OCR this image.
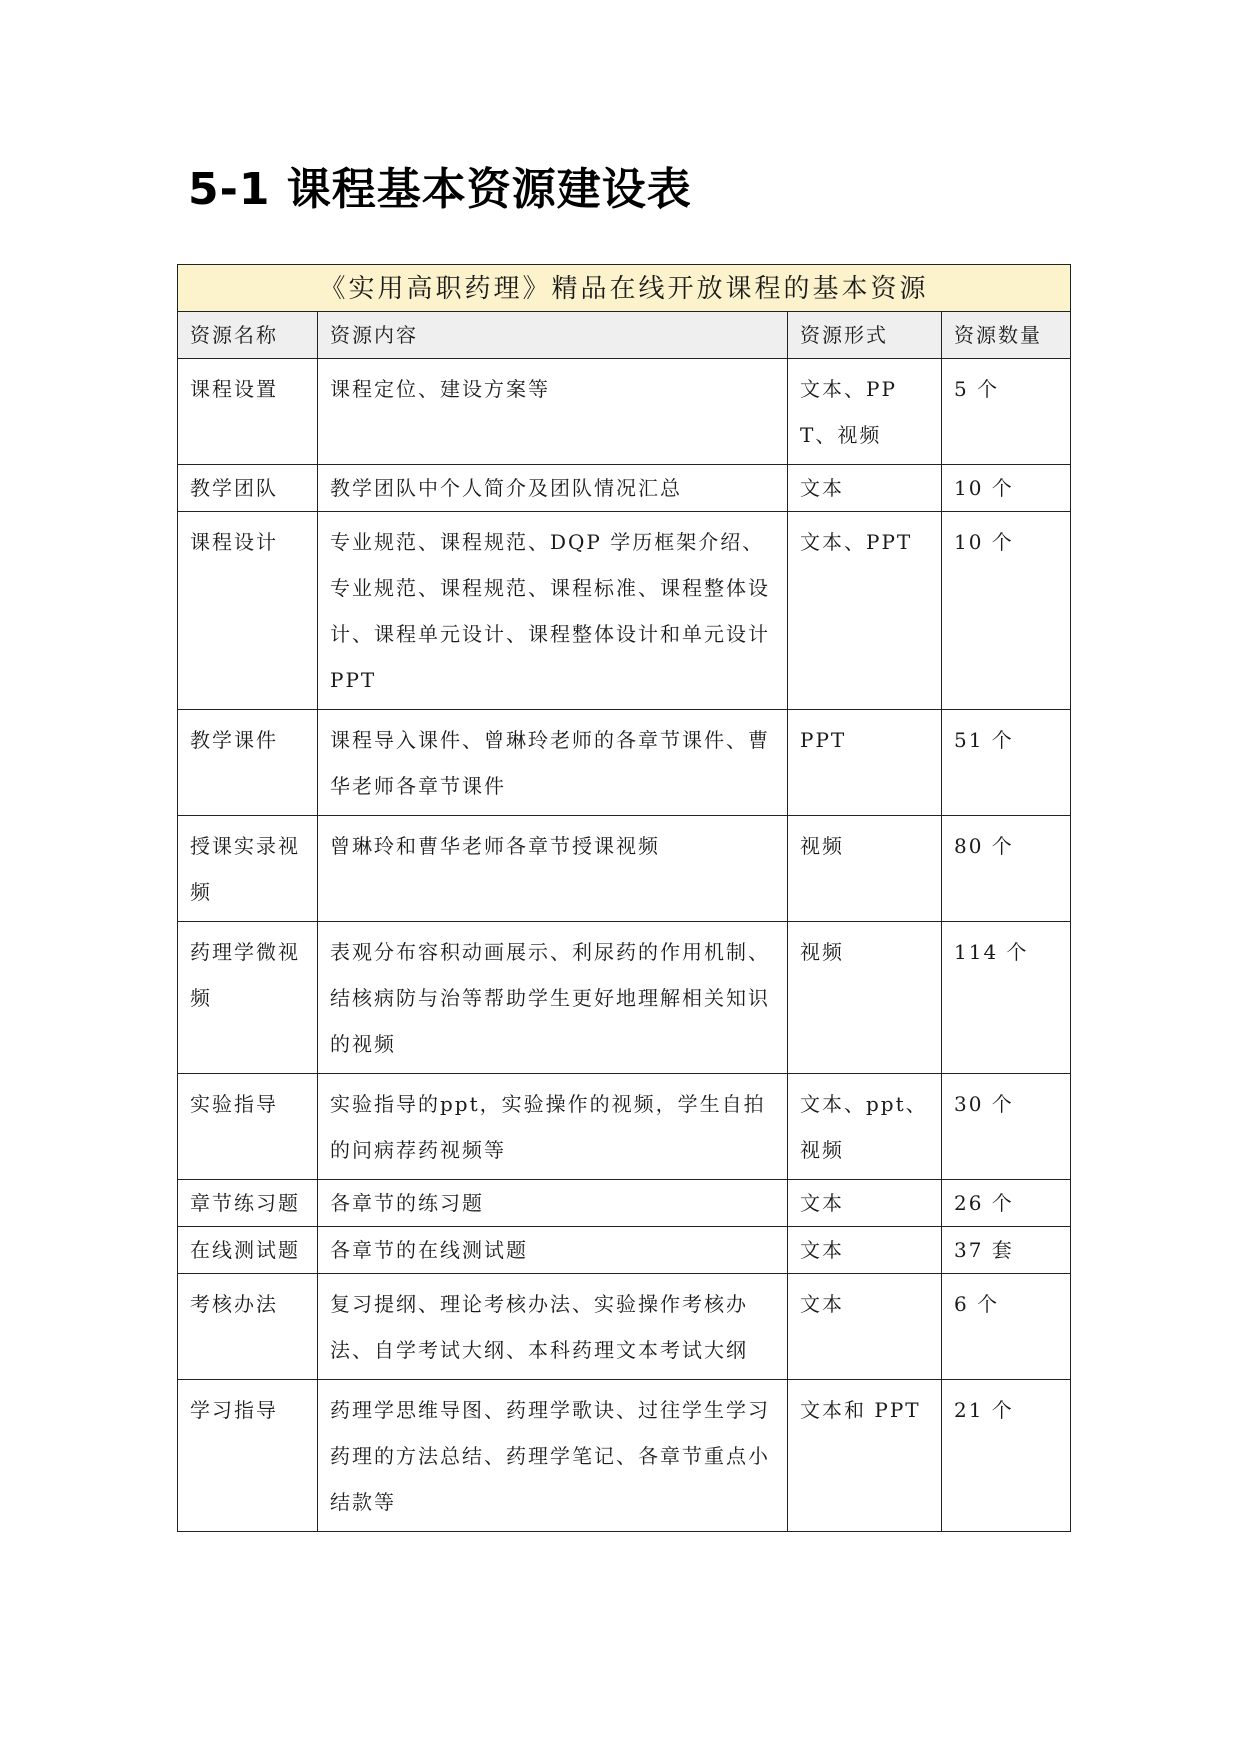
5-1 课程基本资源建设表
《实用高职药理》精品在线开放课程的基本资源			
资源名称	资源内容	资源形式	资源数量
课程设置	课程定位、建设方案等	文本、PPT、视频	5 个
教学团队	教学团队中个人简介及团队情况汇总	文本	10 个
课程设计	专业规范、课程规范、DQP 学历框架介绍、专业规范、课程规范、课程标准、课程整体设计、课程单元设计、课程整体设计和单元设计 PPT	文本、PPT	10 个
教学课件	课程导入课件、曾琳玲老师的各章节课件、曹华老师各章节课件	PPT	51 个
授课实录视频	曾琳玲和曹华老师各章节授课视频	视频	80 个
药理学微视频	表观分布容积动画展示、利尿药的作用机制、结核病防与治等帮助学生更好地理解相关知识的视频	视频	114 个
实验指导	实验指导的ppt，实验操作的视频，学生自拍的问病荐药视频等	文本、ppt、视频	30 个
章节练习题	各章节的练习题	文本	26 个
在线测试题	各章节的在线测试题	文本	37 套
考核办法	复习提纲、理论考核办法、实验操作考核办法、自学考试大纲、本科药理文本考试大纲	文本	6 个
学习指导	药理学思维导图、药理学歌诀、过往学生学习药理的方法总结、药理学笔记、各章节重点小结款等	文本和 PPT	21 个
